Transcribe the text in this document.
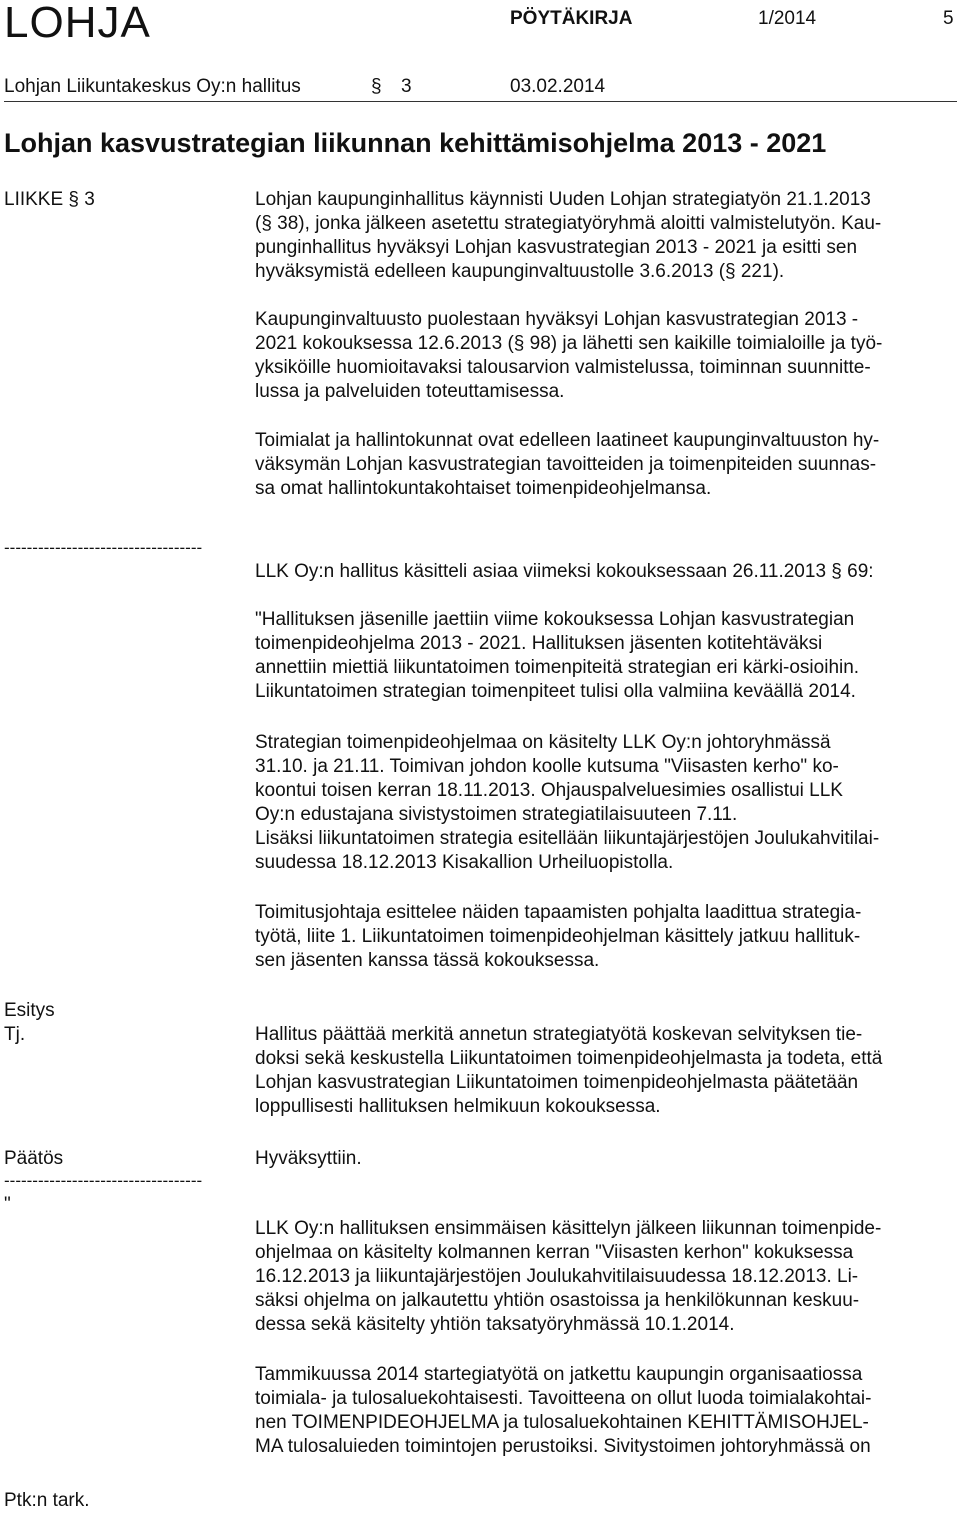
LOHJA	PÖYTÄKIRJA	1/2014	5
Lohjan Liikuntakeskus Oy:n hallitus	§ 3	03.02.2014
Lohjan kasvustrategian liikunnan kehittämisohjelma 2013 - 2021
LIIKKE § 3	Lohjan kaupunginhallitus käynnisti Uuden Lohjan strategiatyön 21.1.2013
(§ 38), jonka jälkeen asetettu strategiatyöryhmä aloitti valmistelutyön. Kau-
punginhallitus hyväksyi Lohjan kasvustrategian 2013 - 2021 ja esitti sen
hyväksymistä edelleen kaupunginvaltuustolle 3.6.2013 (§ 221).
Kaupunginvaltuusto puolestaan hyväksyi Lohjan kasvustrategian 2013 -
2021 kokouksessa 12.6.2013 (§ 98) ja lähetti sen kaikille toimialoille ja työ-
yksiköille huomioitavaksi talousarvion valmistelussa, toiminnan suunnitte-
lussa ja palveluiden toteuttamisessa.
Toimialat ja hallintokunnat ovat edelleen laatineet kaupunginvaltuuston hy-
väksymän Lohjan kasvustrategian tavoitteiden ja toimenpiteiden suunnas-
sa omat hallintokuntakohtaiset toimenpideohjelmansa.
-----------------------------------
LLK Oy:n hallitus käsitteli asiaa viimeksi kokouksessaan 26.11.2013 § 69:
"Hallituksen jäsenille jaettiin viime kokouksessa Lohjan kasvustrategian
toimenpideohjelma 2013 - 2021. Hallituksen jäsenten kotitehtäväksi
annettiin miettiä liikuntatoimen toimenpiteitä strategian eri kärki-osioihin.
Liikuntatoimen strategian toimenpiteet tulisi olla valmiina keväällä 2014.
Strategian toimenpideohjelmaa on käsitelty LLK Oy:n johtoryhmässä
31.10. ja 21.11. Toimivan johdon koolle kutsuma "Viisasten kerho" ko-
koontui toisen kerran 18.11.2013. Ohjauspalveluesimies osallistui LLK
Oy:n edustajana sivistystoimen strategiatilaisuuteen 7.11.
Lisäksi liikuntatoimen strategia esitellään liikuntajärjestöjen Joulukahvitilai-
suudessa 18.12.2013 Kisakallion Urheiluopistolla.
Toimitusjohtaja esittelee näiden tapaamisten pohjalta laadittua strategia-
työtä, liite 1. Liikuntatoimen toimenpideohjelman käsittely jatkuu hallituk-
sen jäsenten kanssa tässä kokouksessa.
Esitys
Tj.	Hallitus päättää merkitä annetun strategiatyötä koskevan selvityksen tie-
doksi sekä keskustella Liikuntatoimen toimenpideohjelmasta ja todeta, että
Lohjan kasvustrategian Liikuntatoimen toimenpideohjelmasta päätetään
loppullisesti hallituksen helmikuun kokouksessa.
Päätös	Hyväksyttiin.
-----------------------------------
"
LLK Oy:n hallituksen ensimmäisen käsittelyn jälkeen liikunnan toimenpide-
ohjelmaa on käsitelty kolmannen kerran "Viisasten kerhon" kokuksessa
16.12.2013 ja liikuntajärjestöjen Joulukahvitilaisuudessa 18.12.2013. Li-
säksi ohjelma on jalkautettu yhtiön osastoissa ja henkilökunnan keskuu-
dessa sekä käsitelty yhtiön taksatyöryhmässä 10.1.2014.
Tammikuussa 2014 startegiatyötä on jatkettu kaupungin organisaatiossa
toimiala- ja tulosaluekohtaisesti. Tavoitteena on ollut luoda toimialakohtai-
nen TOIMENPIDEOHJELMA ja tulosaluekohtainen KEHITTÄMISOHJEL-
MA tulosaluieden toimintojen perustoiksi. Sivitystoimen johtoryhmässä on
Ptk:n tark.
